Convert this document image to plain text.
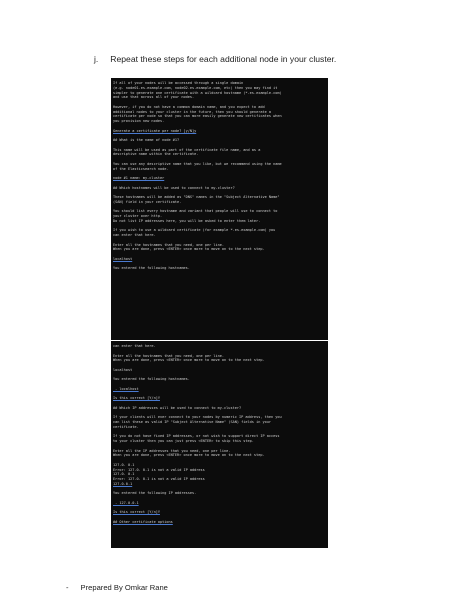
j. Repeat these steps for each additional node in your cluster.
If all of your nodes will be accessed through a single domain
(e.g. node01.es.example.com, node02.es.example.com, etc) then you may find it
simpler to generate one certificate with a wildcard hostname (*.es.example.com)
and use that across all of your nodes.
However, if you do not have a common domain name, and you expect to add
additional nodes to your cluster in the future, then you should generate a
certificate per node so that you can more easily generate new certificates when
you provision new nodes.
Generate a certificate per node? [y/N]y
## What is the name of node #1?
This name will be used as part of the certificate file name, and as a
descriptive name within the certificate.
You can use any descriptive name that you like, but we recommend using the name
of the Elasticsearch node.
node #1 name: my-cluster
## Which hostnames will be used to connect to my-cluster?
These hostnames will be added as "DNS" names in the "Subject Alternative Name"
(SAN) field in your certificate.
You should list every hostname and variant that people will use to connect to
your cluster over http.
Do not list IP addresses here, you will be asked to enter them later.
If you wish to use a wildcard certificate (for example *.es.example.com) you
can enter that here.
Enter all the hostnames that you need, one per line.
When you are done, press <ENTER> once more to move on to the next step.
localhost
You entered the following hostnames.
can enter that here.
Enter all the hostnames that you need, one per line.
When you are done, press <ENTER> once more to move on to the next step.
localhost
You entered the following hostnames.
- localhost
Is this correct [Y/n]Y
## Which IP addresses will be used to connect to my-cluster?
If your clients will ever connect to your nodes by numeric IP address, then you
can list these as valid IP "Subject Alternative Name" (SAN) fields in your
certificate.
If you do not have fixed IP addresses, or not wish to support direct IP access
to your cluster then you can just press <ENTER> to skip this step.
Enter all the IP addresses that you need, one per line.
When you are done, press <ENTER> once more to move on to the next step.
127.0. 0.1
Error: 127.0. 0.1 is not a valid IP address
127.0. 0.1
Error: 127.0. 0.1 is not a valid IP address
127.0.0.1
You entered the following IP addresses.
- 127.0.0.1
Is this correct [Y/n]Y
## Other certificate options
- Prepared By Omkar Rane
